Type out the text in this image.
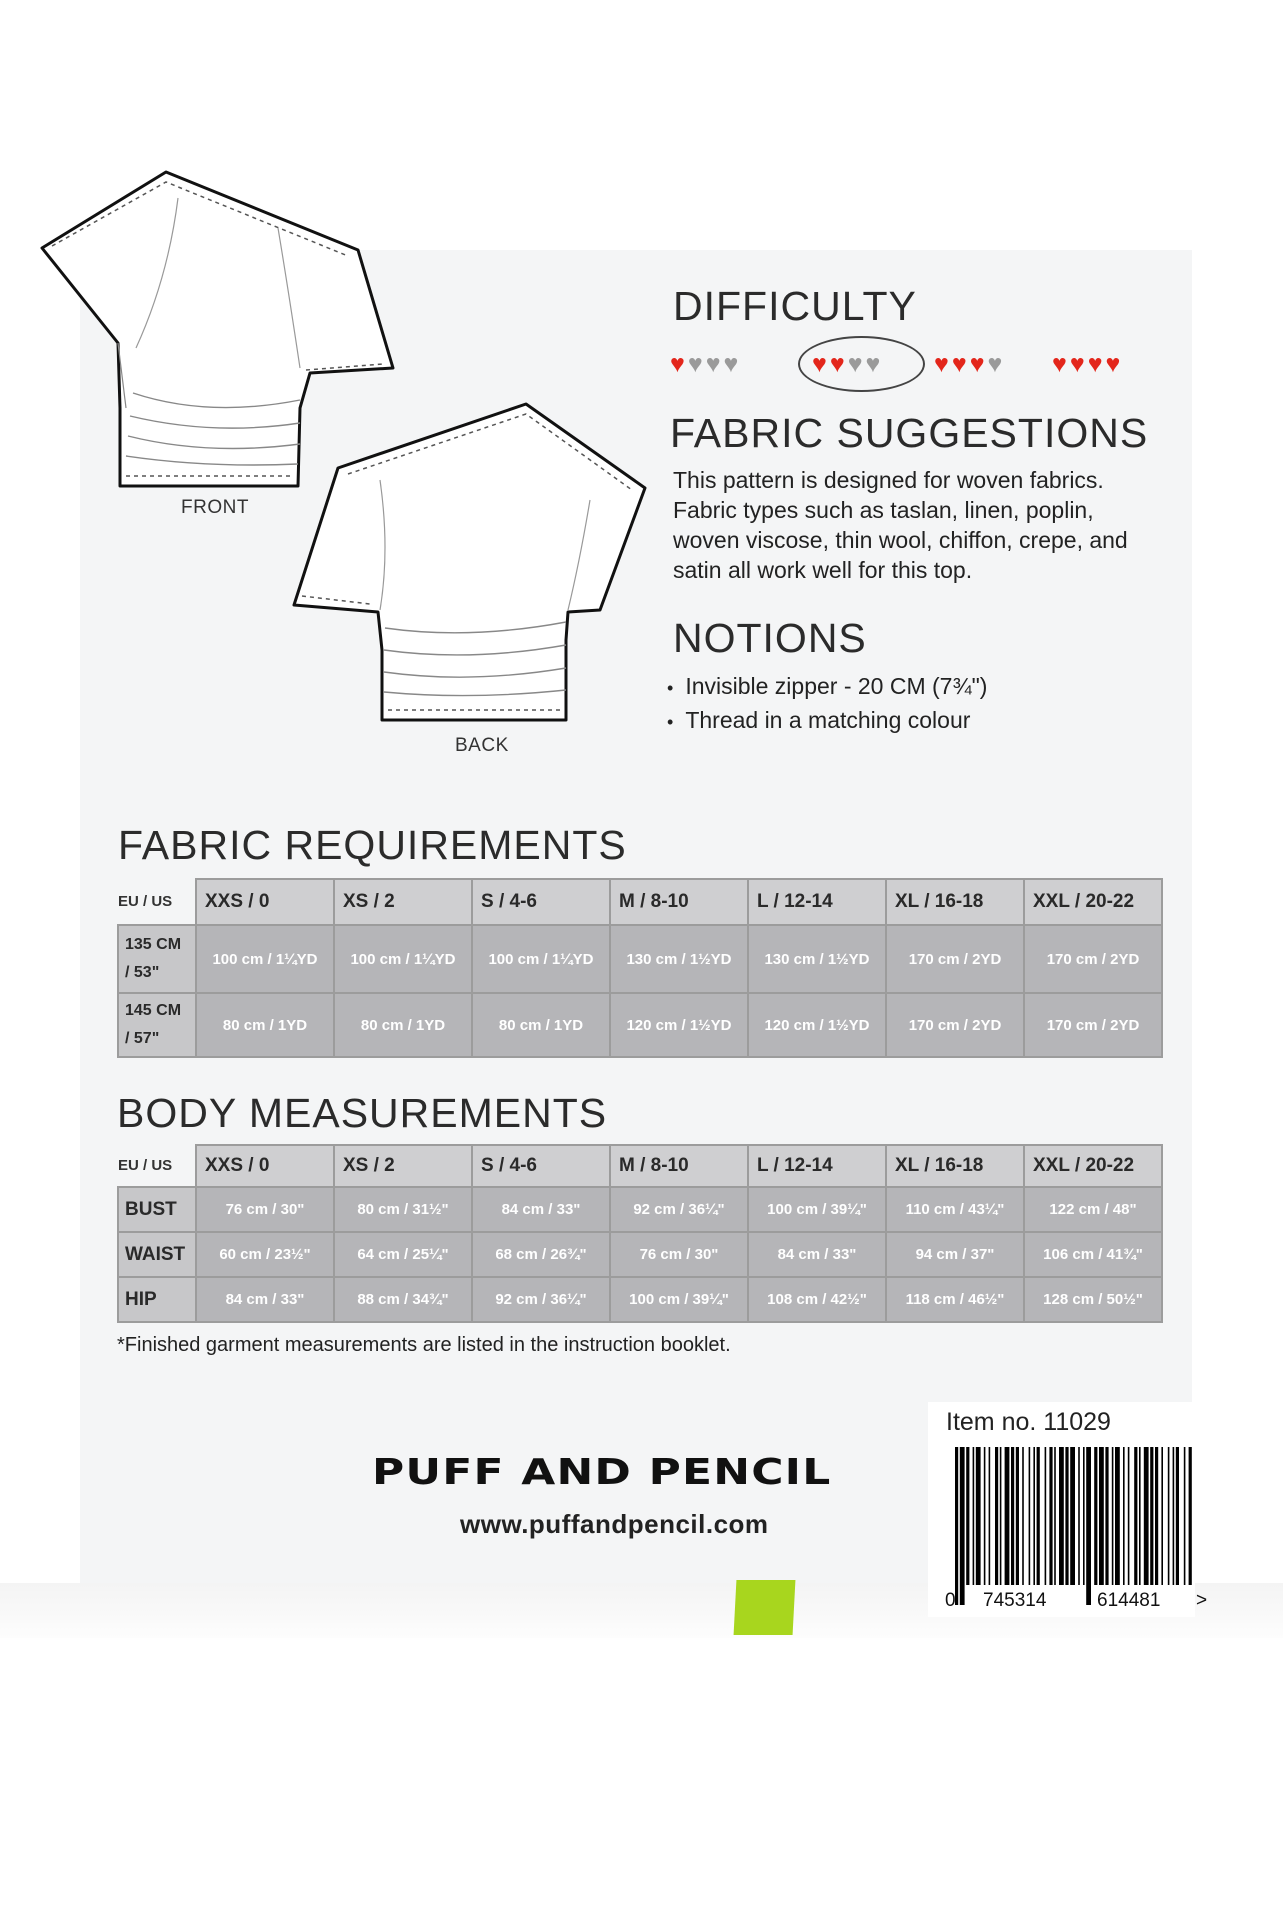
FRONT
BACK
DIFFICULTY
♥ ♥ ♥ ♥	♥ ♥ ♥ ♥ ♥ ♥ ♥ ♥ ♥ ♥ ♥ ♥
FABRIC SUGGESTIONS
This pattern is designed for woven fabrics.
Fabric types such as taslan, linen, poplin,
woven viscose, thin wool, chiffon, crepe, and
satin all work well for this top.
NOTIONS
• Invisible zipper - 20 CM (7¾")
• Thread in a matching colour
FABRIC REQUIREMENTS
EU / US	XXS / 0	XS / 2	S / 4-6	M / 8-10	L / 12-14	XL / 16-18	XXL / 20-22

135 CM
/ 53"	100 cm / 1¼YD	100 cm / 1¼YD	100 cm / 1¼YD	130 cm / 1½YD	130 cm / 1½YD	170 cm / 2YD	170 cm / 2YD

145 CM
/ 57"	80 cm / 1YD	80 cm / 1YD	80 cm / 1YD	120 cm / 1½YD	120 cm / 1½YD	170 cm / 2YD	170 cm / 2YD
BODY MEASUREMENTS
EU / US	XXS / 0	XS / 2	S / 4-6	M / 8-10	L / 12-14	XL / 16-18	XXL / 20-22
BUST	76 cm / 30"	80 cm / 31½"	84 cm / 33"	92 cm / 36¼"	100 cm / 39¼"	110 cm / 43¼"	122 cm / 48"
WAIST	60 cm / 23½"	64 cm / 25¼"	68 cm / 26¾"	76 cm / 30"	84 cm / 33"	94 cm / 37"	106 cm / 41¾"
HIP	84 cm / 33"	88 cm / 34¾"	92 cm / 36¼"	100 cm / 39¼"	108 cm / 42½"	118 cm / 46½"	128 cm / 50½"
*Finished garment measurements are listed in the instruction booklet.
PUFF AND PENCIL
www.puffandpencil.com
Item no. 11029
0 745314	614481 >
